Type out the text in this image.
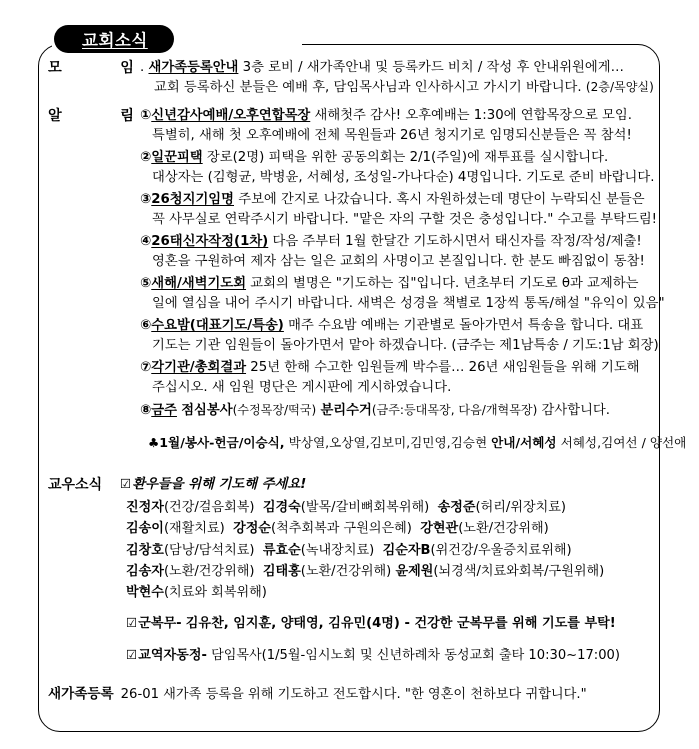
교회소식
모	임 . 새가족등록안내 3층 로비 / 새가족안내 및 등록카드 비치 / 작성 후 안내위원에게…
교회 등록하신 분들은 예배 후, 담임목사님과 인사하시고 가시기 바랍니다. (2층/목양실)
알	림 ①신년감사예배/오후연합목장 새해첫주 감사! 오후예배는 1:30에 연합목장으로 모임.
특별히, 새해 첫 오후예배에 전체 목원들과 26년 청지기로 임명되신분들은 꼭 참석!
②일꾼피택 장로(2명) 피택을 위한 공동의회는 2/1(주일)에 재투표를 실시합니다.
대상자는 (김형균, 박병윤, 서혜성, 조성일-가나다순) 4명입니다. 기도로 준비 바랍니다.
③26청지기임명 주보에 간지로 나갔습니다. 혹시 자원하셨는데 명단이 누락되신 분들은
꼭 사무실로 연락주시기 바랍니다. "맡은 자의 구할 것은 충성입니다." 수고를 부탁드림!
④26태신자작정(1차) 다음 주부터 1월 한달간 기도하시면서 태신자를 작정/작성/제출!
영혼을 구원하여 제자 삼는 일은 교회의 사명이고 본질입니다. 한 분도 빠짐없이 동참!
⑤새해/새벽기도회 교회의 별명은 "기도하는 집"입니다. 년초부터 기도로 θ과 교제하는
일에 열심을 내어 주시기 바랍니다. 새벽은 성경을 책별로 1장씩 통독/해설 "유익이 있음"
⑥수요밤(대표기도/특송) 매주 수요밤 예배는 기관별로 돌아가면서 특송을 합니다. 대표
기도는 기관 임원들이 돌아가면서 맡아 하겠습니다. (금주는 제1남특송 / 기도:1남 회장)
⑦각기관/총회결과 25년 한해 수고한 임원들께 박수를… 26년 새임원들을 위해 기도해
주십시오. 새 임원 명단은 게시판에 게시하였습니다.
⑧금주 점심봉사(수정목장/떡국) 분리수거(금주:등대목장, 다음/개혁목장) 감사합니다.
♣1월/봉사-헌금/이승식, 박상열,오상열,김보미,김민영,김승현 안내/서혜성 서혜성,김여선 / 양선애
교우소식 ☑환우들을 위해 기도해 주세요!
진정자(건강/걸음회복) 김경숙(발목/갈비뼈회복위해) 송정준(허리/위장치료)
김송이(재활치료) 강정순(척추회복과 구원의은혜) 강현관(노환/건강위해)
김창호(담낭/담석치료) 류효순(녹내장치료) 김순자B(위건강/우울증치료위해)
김송자(노환/건강위해) 김태홍(노환/건강위해) 윤제원(뇌경색/치료와회복/구원위해)
박현수(치료와 회복위해)
☑군복무- 김유찬, 임지훈, 양태영, 김유민(4명) - 건강한 군복무를 위해 기도를 부탁!
☑교역자동정- 담임목사(1/5월-임시노회 및 신년하례차 동성교회 출타 10:30~17:00)
새가족등록 26-01 새가족 등록을 위해 기도하고 전도합시다. "한 영혼이 천하보다 귀합니다."
